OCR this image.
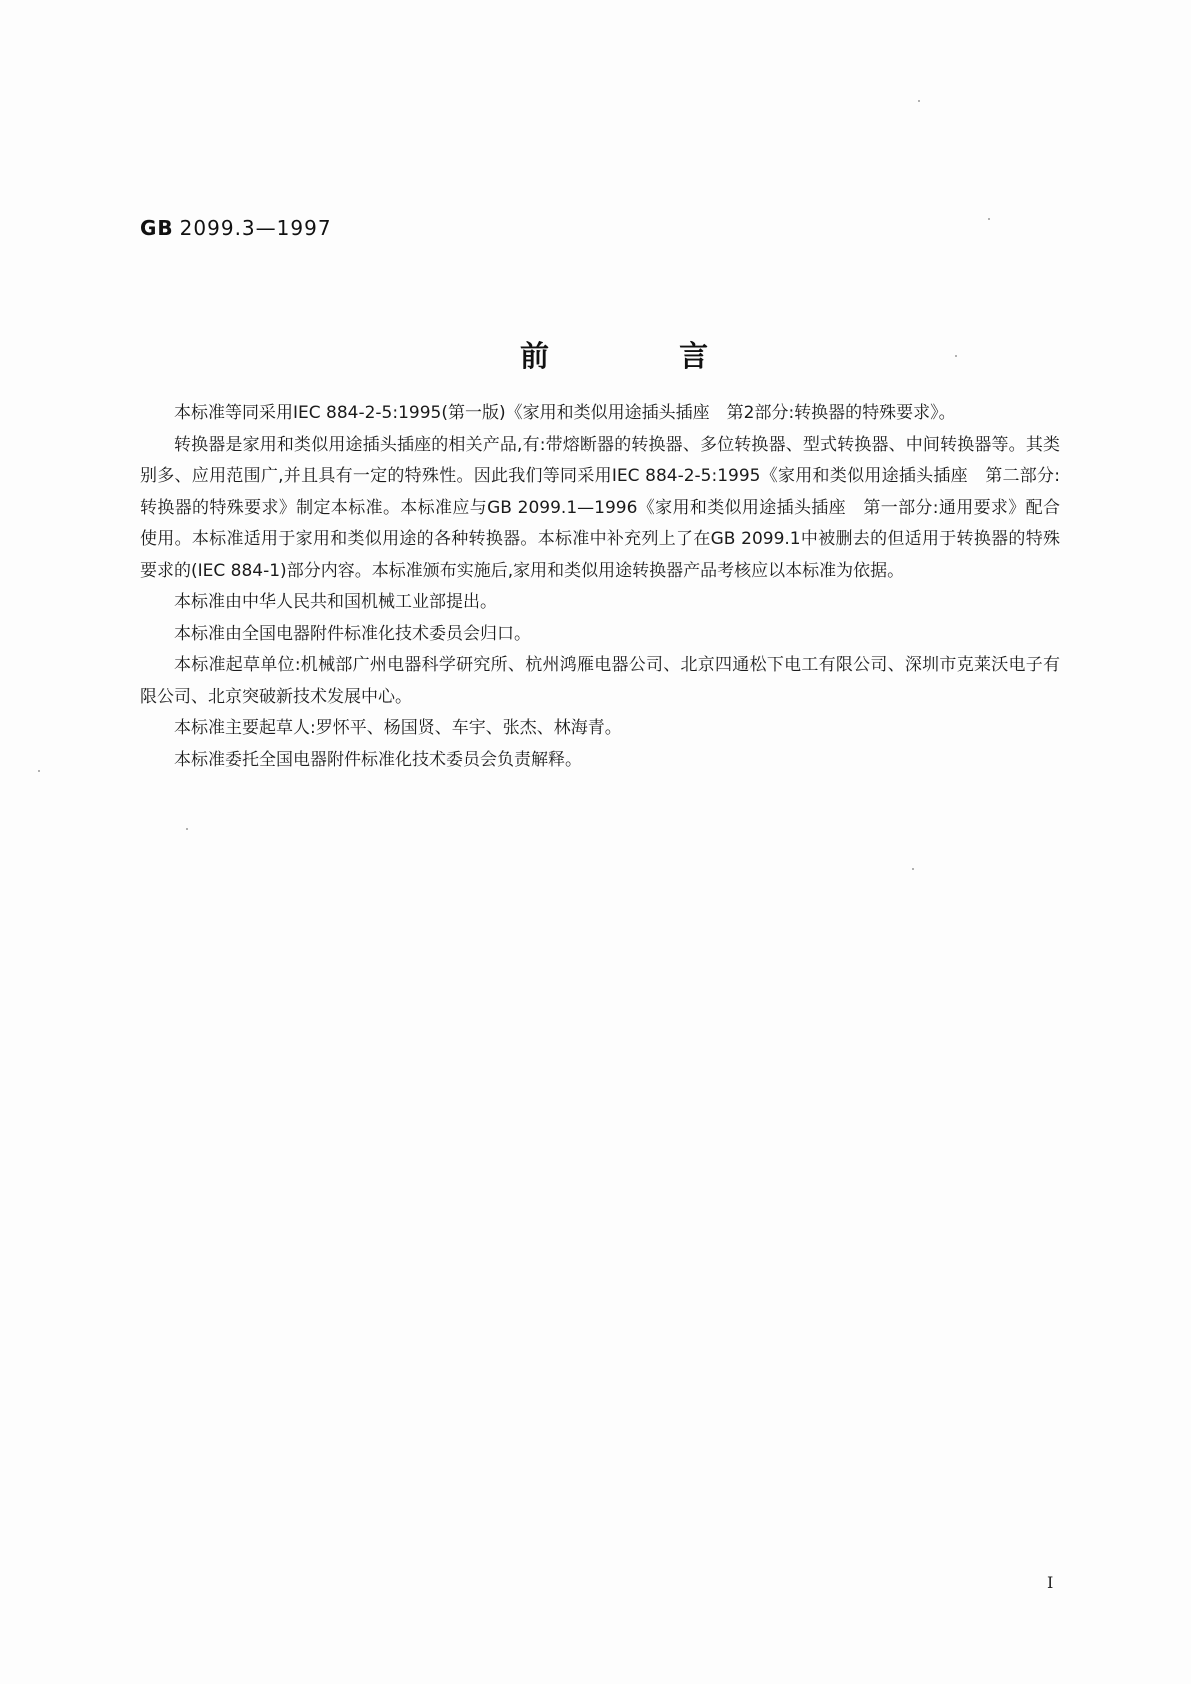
GB 2099.3—1997
前 言

本标准等同采用IEC 884-2-5:1995(第一版)《家用和类似用途插头插座　第2部分:转换器的特殊要求》。

转换器是家用和类似用途插头插座的相关产品,有:带熔断器的转换器、多位转换器、型式转换器、中间转换器等。其类别多、应用范围广,并且具有一定的特殊性。因此我们等同采用IEC 884-2-5:1995《家用和类似用途插头插座　第二部分:转换器的特殊要求》制定本标准。本标准应与GB 2099.1—1996《家用和类似用途插头插座　第一部分:通用要求》配合使用。本标准适用于家用和类似用途的各种转换器。本标准中补充列上了在GB 2099.1中被删去的但适用于转换器的特殊要求的(IEC 884-1)部分内容。本标准颁布实施后,家用和类似用途转换器产品考核应以本标准为依据。

本标准由中华人民共和国机械工业部提出。

本标准由全国电器附件标准化技术委员会归口。

本标准起草单位:机械部广州电器科学研究所、杭州鸿雁电器公司、北京四通松下电工有限公司、深圳市克莱沃电子有限公司、北京突破新技术发展中心。

本标准主要起草人:罗怀平、杨国贤、车宇、张杰、林海青。

本标准委托全国电器附件标准化技术委员会负责解释。

I
